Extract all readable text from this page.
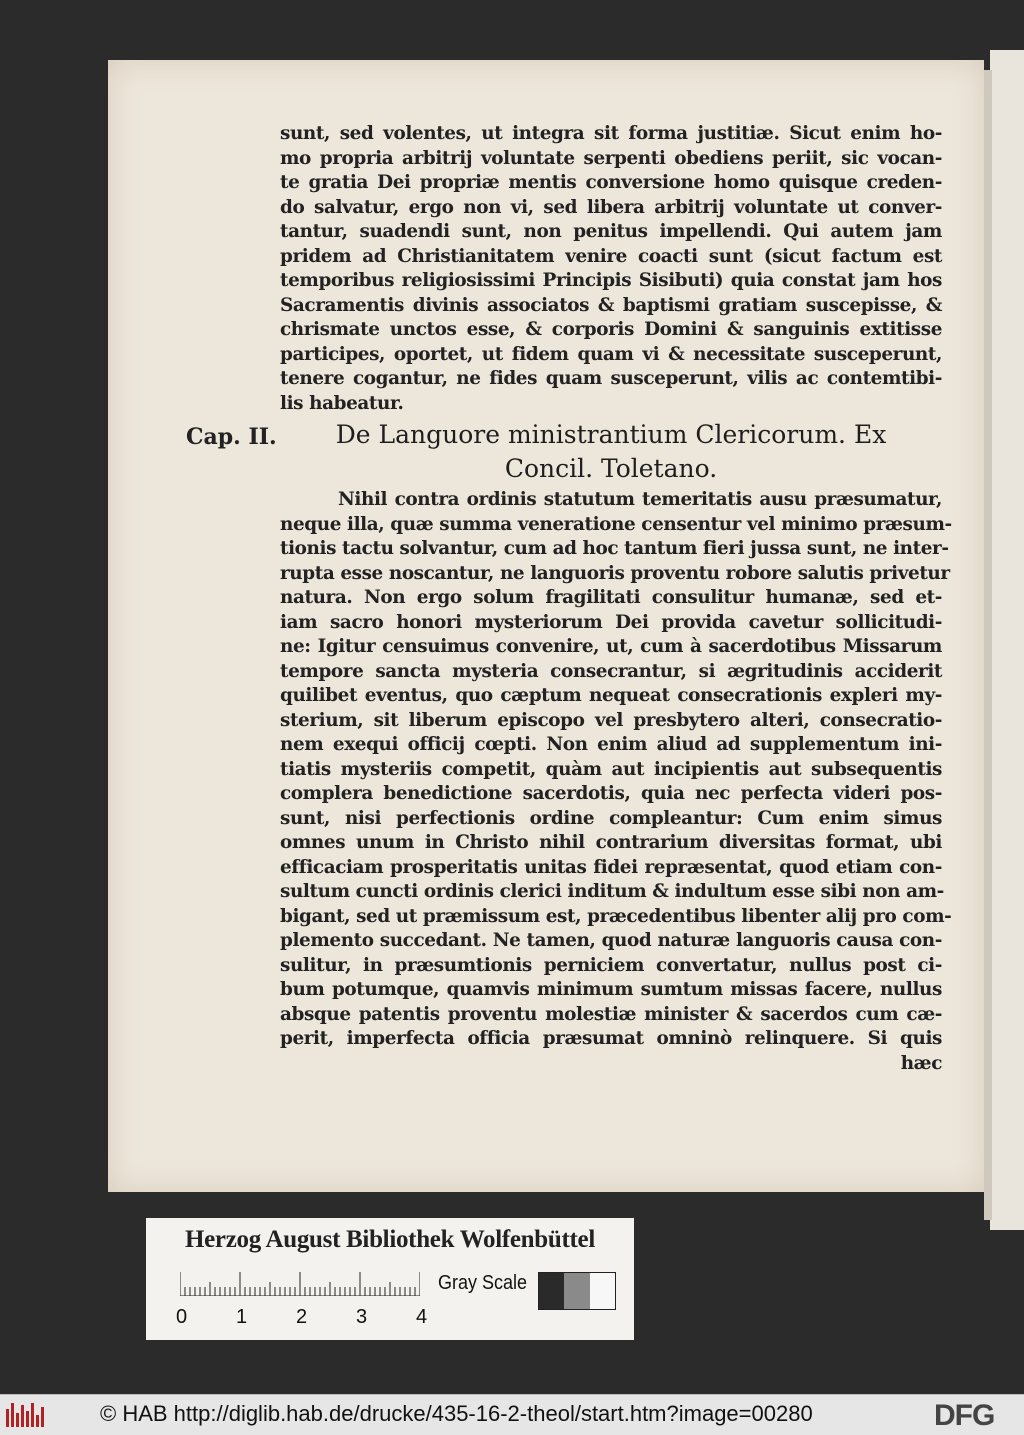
Cap. II.
sunt, sed volentes, ut integra sit forma justitiæ. Sicut enim ho-
mo propria arbitrij voluntate serpenti obediens periit, sic vocan-
te gratia Dei propriæ mentis conversione homo quisque creden-
do salvatur, ergo non vi, sed libera arbitrij voluntate ut conver-
tantur, suadendi sunt, non penitus impellendi. Qui autem jam
pridem ad Christianitatem venire coacti sunt (sicut factum est
temporibus religiosissimi Principis Sisibuti) quia constat jam hos
Sacramentis divinis associatos & baptismi gratiam suscepisse, &
chrismate unctos esse, & corporis Domini & sanguinis extitisse
participes, oportet, ut fidem quam vi & necessitate susceperunt,
tenere cogantur, ne fides quam susceperunt, vilis ac contemtibi-
lis habeatur.
De Languore ministrantium Clericorum. Ex
Concil. Toletano.
Nihil contra ordinis statutum temeritatis ausu præsumatur,
neque illa, quæ summa veneratione censentur vel minimo præsum-
tionis tactu solvantur, cum ad hoc tantum fieri jussa sunt, ne inter-
rupta esse noscantur, ne languoris proventu robore salutis privetur
natura. Non ergo solum fragilitati consulitur humanæ, sed et-
iam sacro honori mysteriorum Dei provida cavetur sollicitudi-
ne: Igitur censuimus convenire, ut, cum à sacerdotibus Missarum
tempore sancta mysteria consecrantur, si ægritudinis acciderit
quilibet eventus, quo cæptum nequeat consecrationis expleri my-
sterium, sit liberum episcopo vel presbytero alteri, consecratio-
nem exequi officij cœpti. Non enim aliud ad supplementum ini-
tiatis mysteriis competit, quàm aut incipientis aut subsequentis
complera benedictione sacerdotis, quia nec perfecta videri pos-
sunt, nisi perfectionis ordine compleantur: Cum enim simus
omnes unum in Christo nihil contrarium diversitas format, ubi
efficaciam prosperitatis unitas fidei repræsentat, quod etiam con-
sultum cuncti ordinis clerici inditum & indultum esse sibi non am-
bigant, sed ut præmissum est, præcedentibus libenter alij pro com-
plemento succedant. Ne tamen, quod naturæ languoris causa con-
sulitur, in præsumtionis perniciem convertatur, nullus post ci-
bum potumque, quamvis minimum sumtum missas facere, nullus
absque patentis proventu molestiæ minister & sacerdos cum cæ-
perit, imperfecta officia præsumat omninò relinquere. Si quis
hæc
Herzog August Bibliothek Wolfenbüttel
0 1 2 3 4
Gray Scale
© HAB http://diglib.hab.de/drucke/435-16-2-theol/start.htm?image=00280	DFG
